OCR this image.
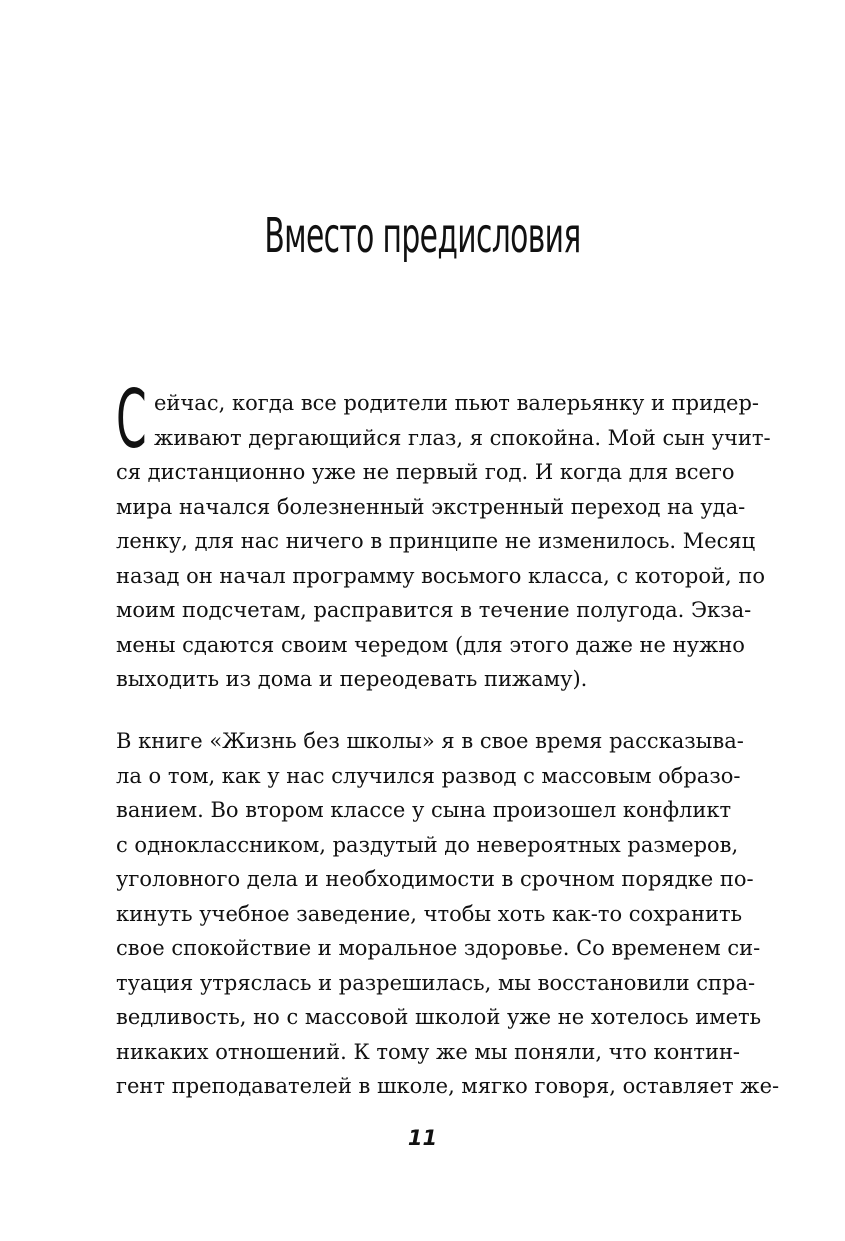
Вместо предисловия
С ейчас, когда все родители пьют валерьянку и придер-
живают дергающийся глаз, я спокойна. Мой сын учит-
ся дистанционно уже не первый год. И когда для всего
мира начался болезненный экстренный переход на уда-
ленку, для нас ничего в принципе не изменилось. Месяц
назад он начал программу восьмого класса, с которой, по
моим подсчетам, расправится в течение полугода. Экза-
мены сдаются своим чередом (для этого даже не нужно
выходить из дома и переодевать пижаму).
В книге «Жизнь без школы» я в свое время рассказыва-
ла о том, как у нас случился развод с массовым образо-
ванием. Во втором классе у сына произошел конфликт
с одноклассником, раздутый до невероятных размеров,
уголовного дела и необходимости в срочном порядке по-
кинуть учебное заведение, чтобы хоть как-то сохранить
свое спокойствие и моральное здоровье. Со временем си-
туация утряслась и разрешилась, мы восстановили спра-
ведливость, но с массовой школой уже не хотелось иметь
никаких отношений. К тому же мы поняли, что контин-
гент преподавателей в школе, мягко говоря, оставляет же-
11
